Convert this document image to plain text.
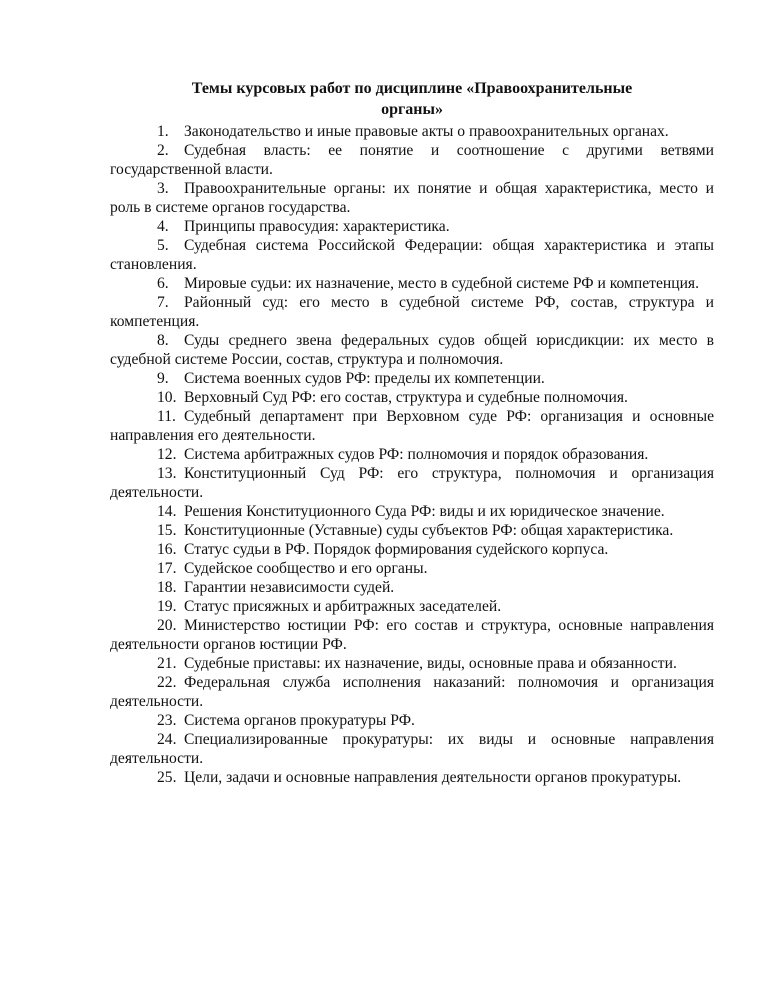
Темы курсовых работ по дисциплине «Правоохранительные
органы»
1. Законодательство и иные правовые акты о правоохранительных органах.
2. Судебная власть: ее понятие и соотношение с другими ветвями государственной власти.
3. Правоохранительные органы: их понятие и общая характеристика, место и роль в системе органов государства.
4. Принципы правосудия: характеристика.
5. Судебная система Российской Федерации: общая характеристика и этапы становления.
6. Мировые судьи: их назначение, место в судебной системе РФ и компетенция.
7. Районный суд: его место в судебной системе РФ, состав, структура и компетенция.
8. Суды среднего звена федеральных судов общей юрисдикции: их место в судебной системе России, состав, структура и полномочия.
9. Система военных судов РФ: пределы их компетенции.
10. Верховный Суд РФ: его состав, структура и судебные полномочия.
11. Судебный департамент при Верховном суде РФ: организация и основные направления его деятельности.
12. Система арбитражных судов РФ: полномочия и порядок образования.
13. Конституционный Суд РФ: его структура, полномочия и организация деятельности.
14. Решения Конституционного Суда РФ: виды и их юридическое значение.
15. Конституционные (Уставные) суды субъектов РФ: общая характеристика.
16. Статус судьи в РФ. Порядок формирования судейского корпуса.
17. Судейское сообщество и его органы.
18. Гарантии независимости судей.
19. Статус присяжных и арбитражных заседателей.
20. Министерство юстиции РФ: его состав и структура, основные направления деятельности органов юстиции РФ.
21. Судебные приставы: их назначение, виды, основные права и обязанности.
22. Федеральная служба исполнения наказаний: полномочия и организация деятельности.
23. Система органов прокуратуры РФ.
24. Специализированные прокуратуры: их виды и основные направления деятельности.
25. Цели, задачи и основные направления деятельности органов прокуратуры.
